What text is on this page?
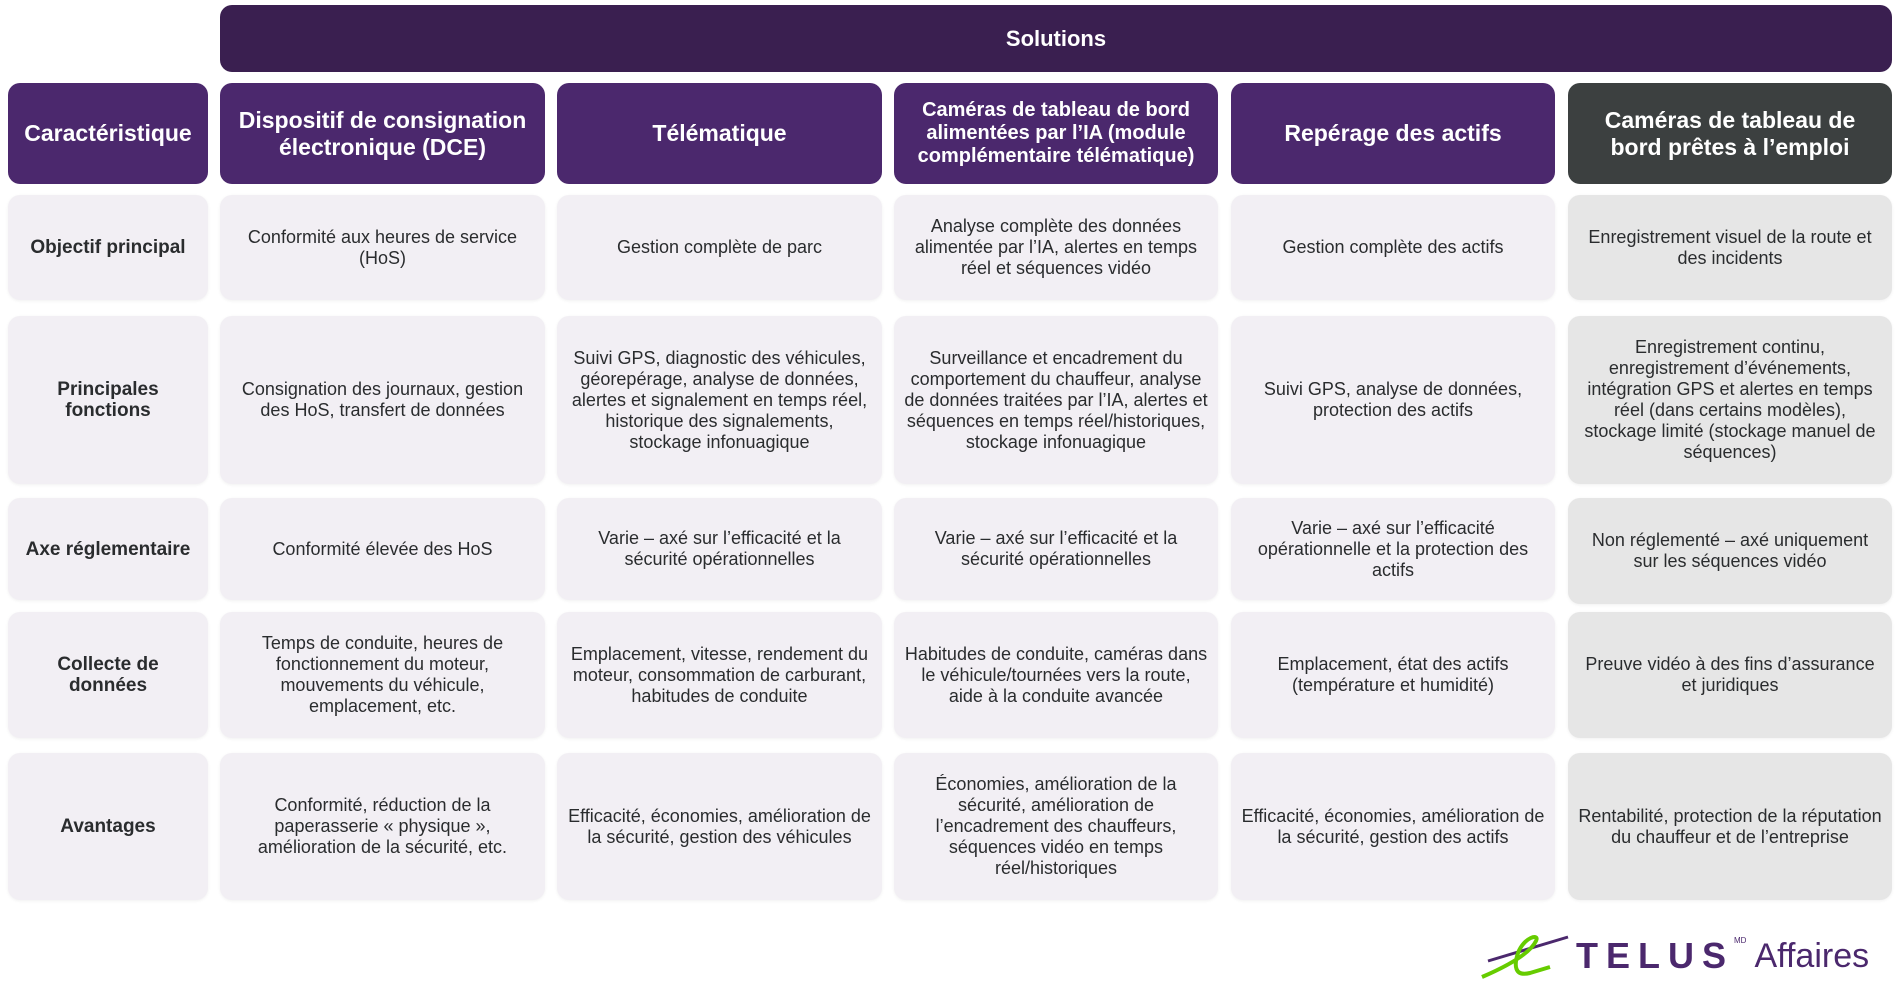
Solutions
Caractéristique
Dispositif de consignation électronique (DCE)
Télématique
Caméras de tableau de bord alimentées par l’IA (module complémentaire télématique)
Repérage des actifs
Caméras de tableau de bord prêtes à l’emploi
Objectif principal
Conformité aux heures de service (HoS)
Gestion complète de parc
Analyse complète des données alimentée par l’IA, alertes en temps réel et séquences vidéo
Gestion complète des actifs
Enregistrement visuel de la route et des incidents
Principales fonctions
Consignation des journaux, gestion des HoS, transfert de données
Suivi GPS, diagnostic des véhicules, géorepérage, analyse de données, alertes et signalement en temps réel, historique des signalements, stockage infonuagique
Surveillance et encadrement du comportement du chauffeur, analyse de données traitées par l’IA, alertes et séquences en temps réel/historiques, stockage infonuagique
Suivi GPS, analyse de données, protection des actifs
Enregistrement continu, enregistrement d’événements, intégration GPS et alertes en temps réel (dans certains modèles), stockage limité (stockage manuel de séquences)
Axe réglementaire	Conformité élevée des HoS
Varie – axé sur l’efficacité et la sécurité opérationnelles
Varie – axé sur l’efficacité et la sécurité opérationnelles
Varie – axé sur l’efficacité opérationnelle et la protection des actifs
Non réglementé – axé uniquement sur les séquences vidéo
Collecte de données
Temps de conduite, heures de fonctionnement du moteur, mouvements du véhicule, emplacement, etc.
Emplacement, vitesse, rendement du moteur, consommation de carburant, habitudes de conduite
Habitudes de conduite, caméras dans le véhicule/tournées vers la route, aide à la conduite avancée
Emplacement, état des actifs (température et humidité)
Preuve vidéo à des fins d’assurance et juridiques
Avantages
Conformité, réduction de la paperasserie « physique », amélioration de la sécurité, etc.
Efficacité, économies, amélioration de la sécurité, gestion des véhicules
Économies, amélioration de la sécurité, amélioration de l’encadrement des chauffeurs, séquences vidéo en temps réel/historiques
Efficacité, économies, amélioration de la sécurité, gestion des actifs
Rentabilité, protection de la réputation du chauffeur et de l’entreprise
TELUS MD Affaires
